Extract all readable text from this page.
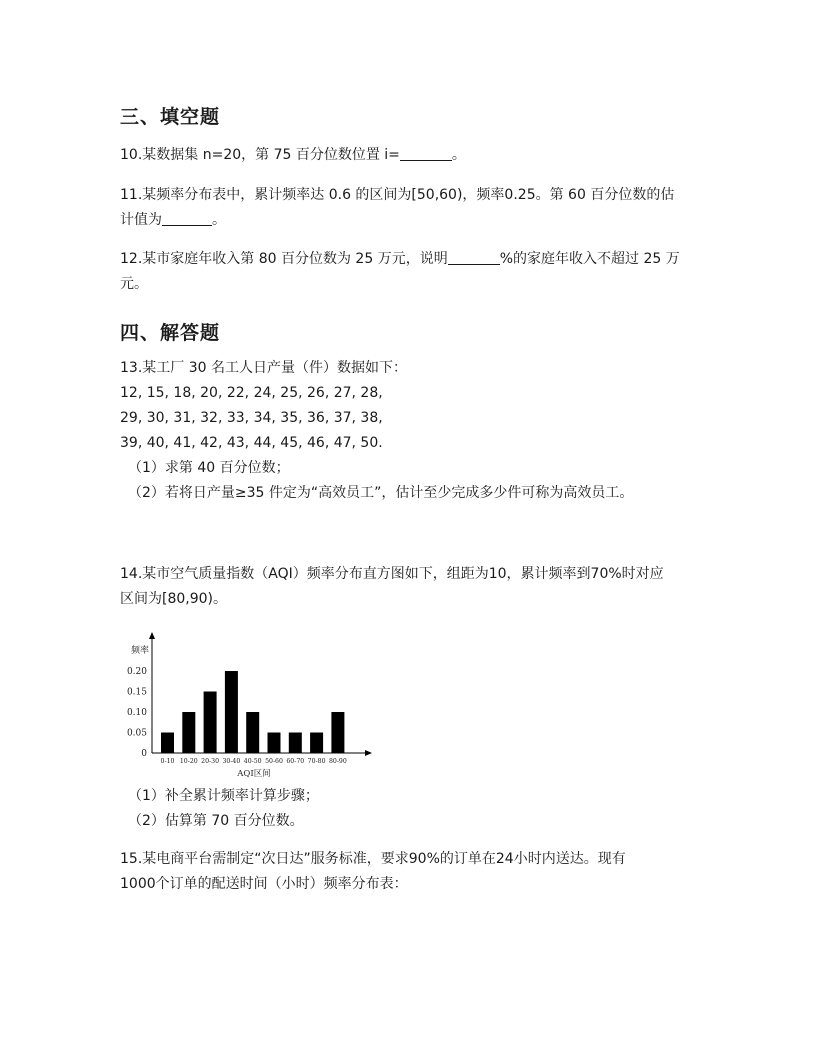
三、填空题
10.某数据集 n=20，第 75 百分位数位置 i=	。
11.某频率分布表中，累计频率达 0.6 的区间为[50,60)，频率0.25。第 60 百分位数的估
计值为	。
12.某市家庭年收入第 80 百分位数为 25 万元，说明	%的家庭年收入不超过 25 万
元。
四、解答题
13.某工厂 30 名工人日产量（件）数据如下：
12, 15, 18, 20, 22, 24, 25, 26, 27, 28,
29, 30, 31, 32, 33, 34, 35, 36, 37, 38,
39, 40, 41, 42, 43, 44, 45, 46, 47, 50.
（1）求第 40 百分位数；
（2）若将日产量≥35 件定为“高效员工”，估计至少完成多少件可称为高效员工。
14.某市空气质量指数（AQI）频率分布直方图如下，组距为10，累计频率到70%时对应
区间为[80,90)。
频率
0
0.05
0.10
0.15
0.20
0-10 10-20 20-30 30-40 40-50 50-60 60-70 70-80 80-90
AQI区间
（1）补全累计频率计算步骤；
（2）估算第 70 百分位数。
15.某电商平台需制定“次日达”服务标准，要求90%的订单在24小时内送达。现有
1000个订单的配送时间（小时）频率分布表：
